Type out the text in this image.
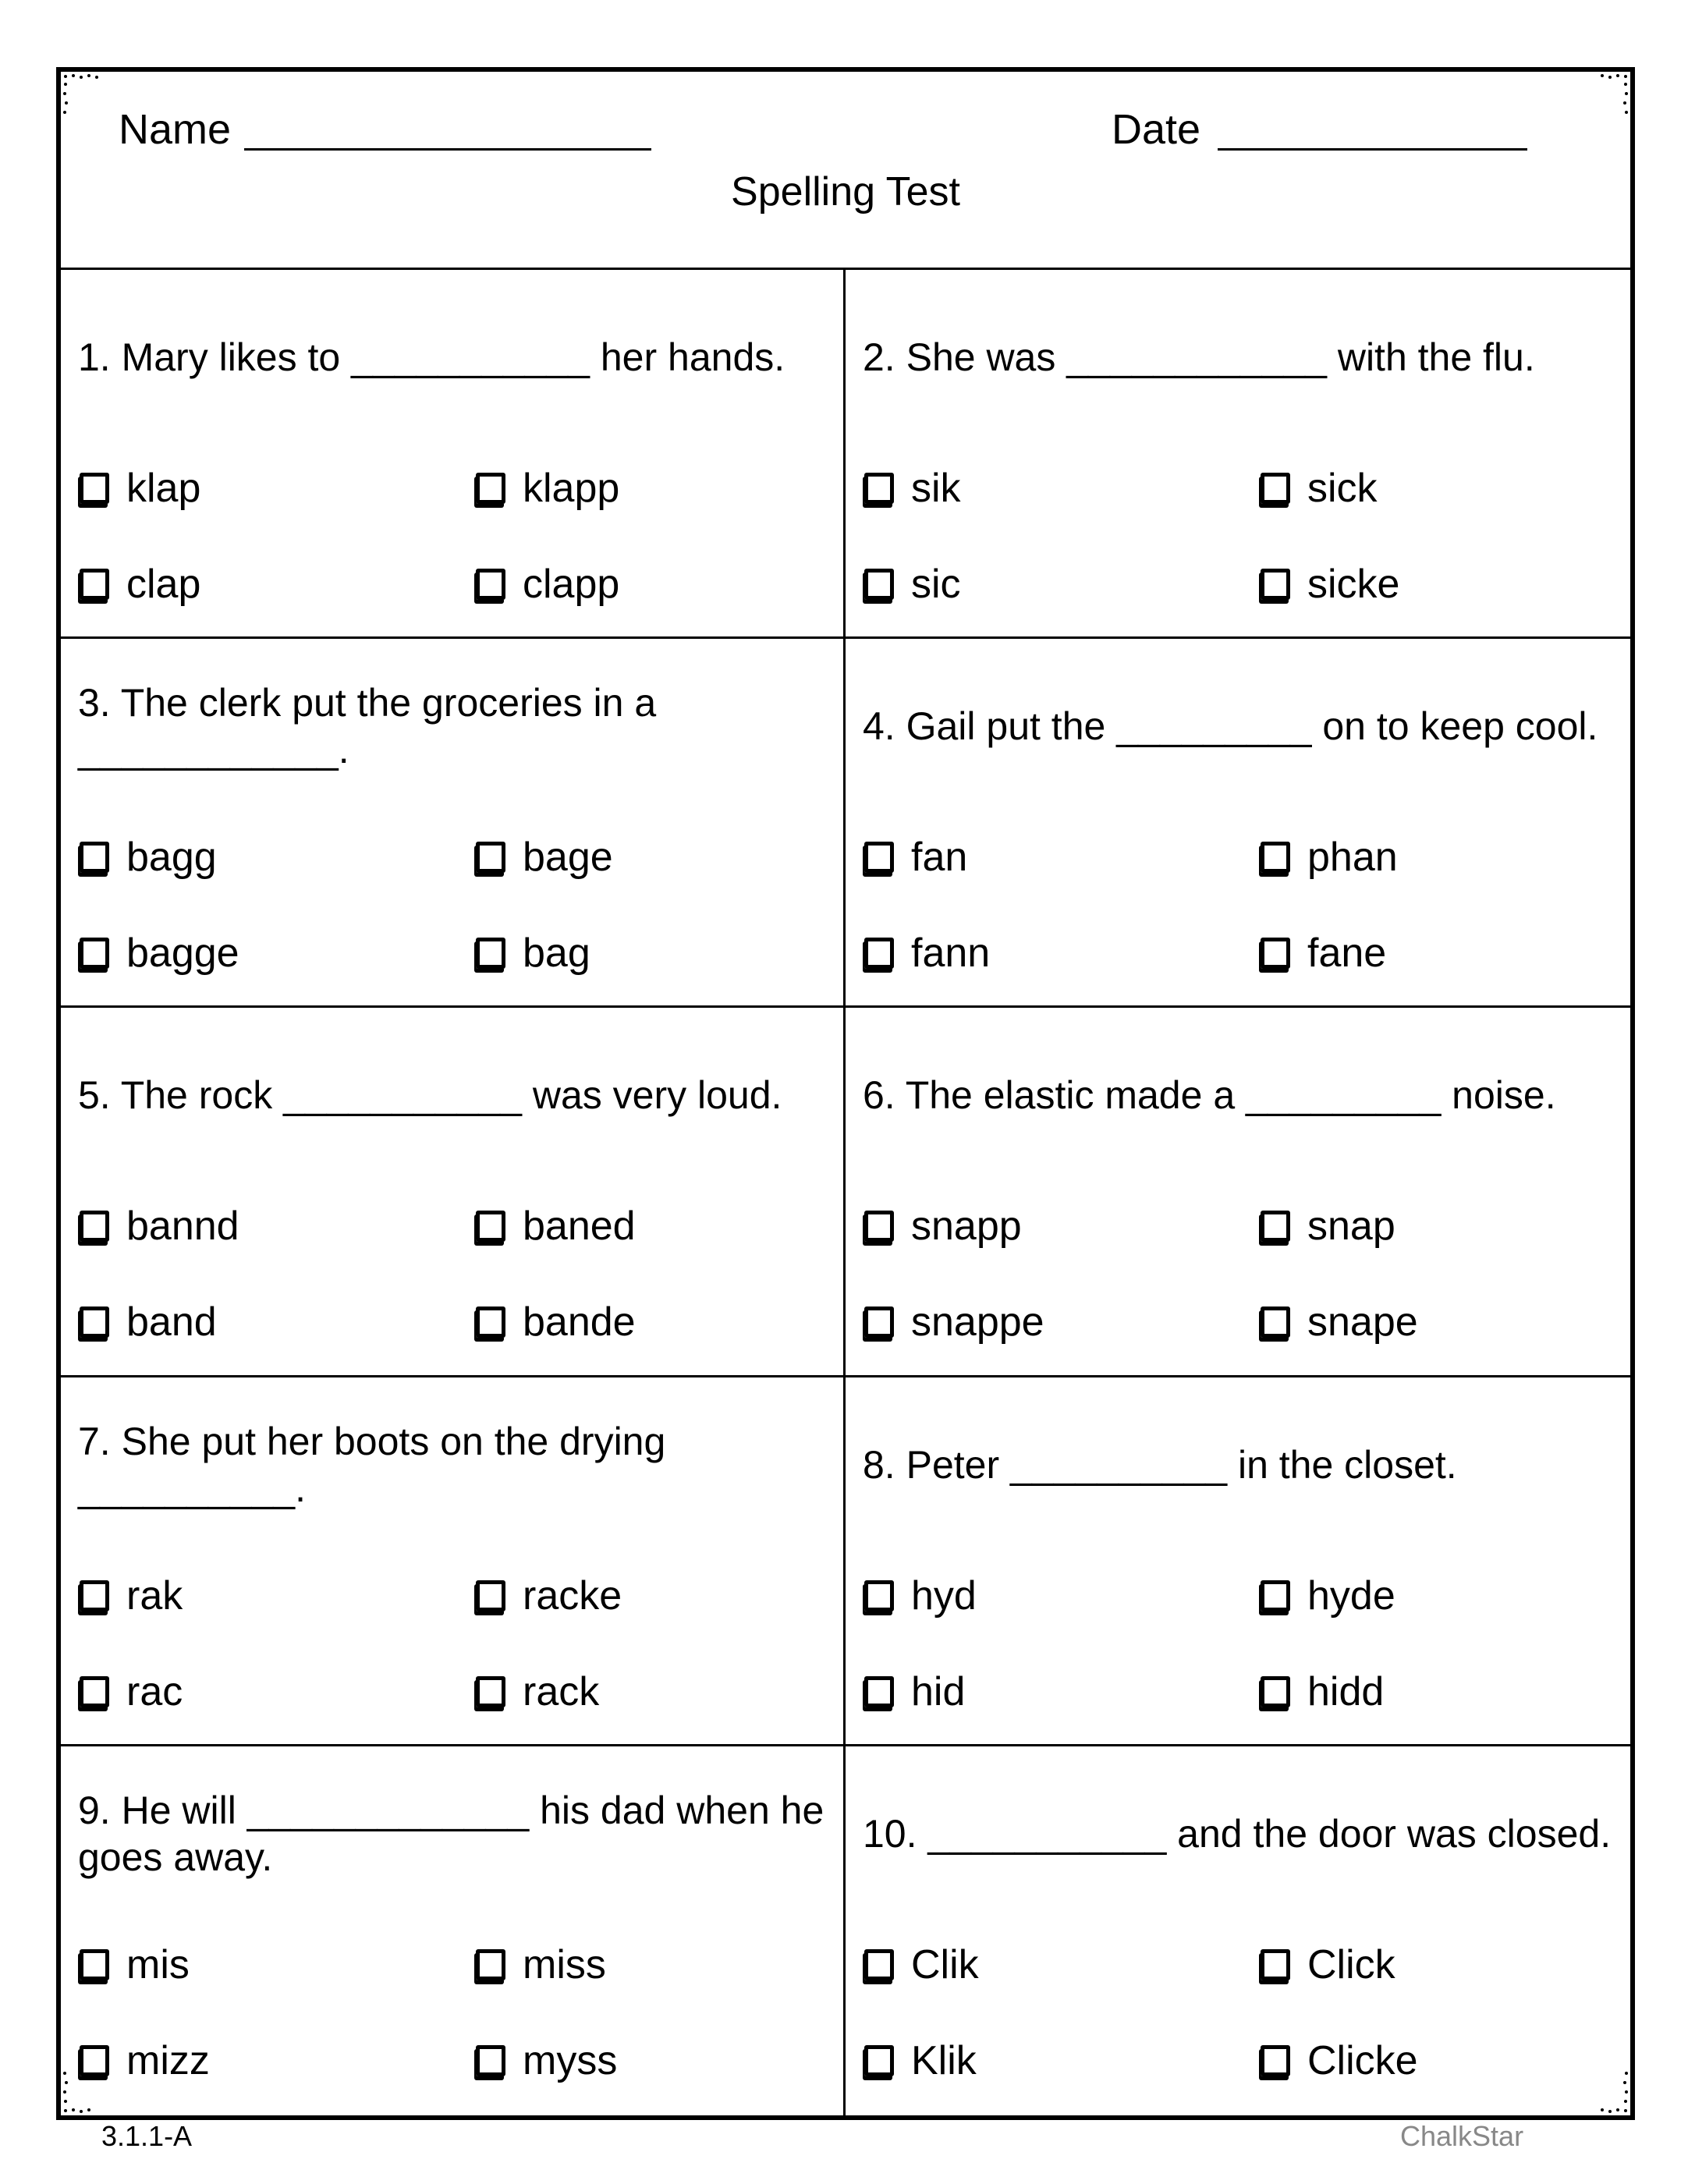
Name	Date
Spelling Test
1. Mary likes to ___________ her hands.
klap	klapp
clap	clapp
2. She was ____________ with the flu.
sik	sick
sic	sicke
3. The clerk put the groceries in a ____________.
bagg	bage
bagge	bag
4. Gail put the _________ on to keep cool.
fan	phan
fann	fane
5. The rock ___________ was very loud.
bannd	baned
band	bande
6. The elastic made a _________ noise.
snapp	snap
snappe	snape
7. She put her boots on the drying __________.
rak	racke
rac	rack
8. Peter __________ in the closet.
hyd	hyde
hid	hidd
9. He will _____________ his dad when he goes away.
mis	miss
mizz	myss
10. ___________ and the door was closed.
Clik	Click
Klik	Clicke
3.1.1-A	ChalkStar
